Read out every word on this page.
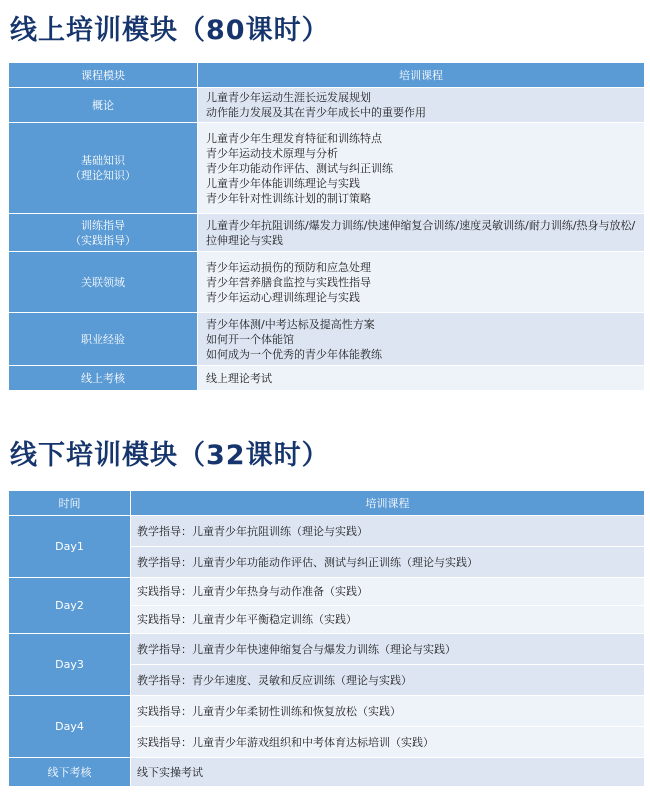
线上培训模块（80课时）
课程模块	培训课程

概论	儿童青少年运动生涯长远发展规划
动作能力发展及其在青少年成长中的重要作用

基础知识
（理论知识）	儿童青少年生理发育特征和训练特点
青少年运动技术原理与分析
青少年功能动作评估、测试与纠正训练
儿童青少年体能训练理论与实践
青少年针对性训练计划的制订策略

训练指导
（实践指导）	儿童青少年抗阻训练/爆发力训练/快速伸缩复合训练/速度灵敏训练/耐力训练/热身与放松/拉伸理论与实践

关联领域	青少年运动损伤的预防和应急处理
青少年营养膳食监控与实践性指导
青少年运动心理训练理论与实践

职业经验	青少年体测/中考达标及提高性方案
如何开一个体能馆
如何成为一个优秀的青少年体能教练

线上考核	线上理论考试
线下培训模块（32课时）
时间	培训课程
Day1	教学指导：儿童青少年抗阻训练（理论与实践）
	教学指导：儿童青少年功能动作评估、测试与纠正训练（理论与实践）
Day2	实践指导：儿童青少年热身与动作准备（实践）
	实践指导：儿童青少年平衡稳定训练（实践）
Day3	教学指导：儿童青少年快速伸缩复合与爆发力训练（理论与实践）
	教学指导：青少年速度、灵敏和反应训练（理论与实践）
Day4	实践指导：儿童青少年柔韧性训练和恢复放松（实践）
	实践指导：儿童青少年游戏组织和中考体育达标培训（实践）
线下考核	线下实操考试
